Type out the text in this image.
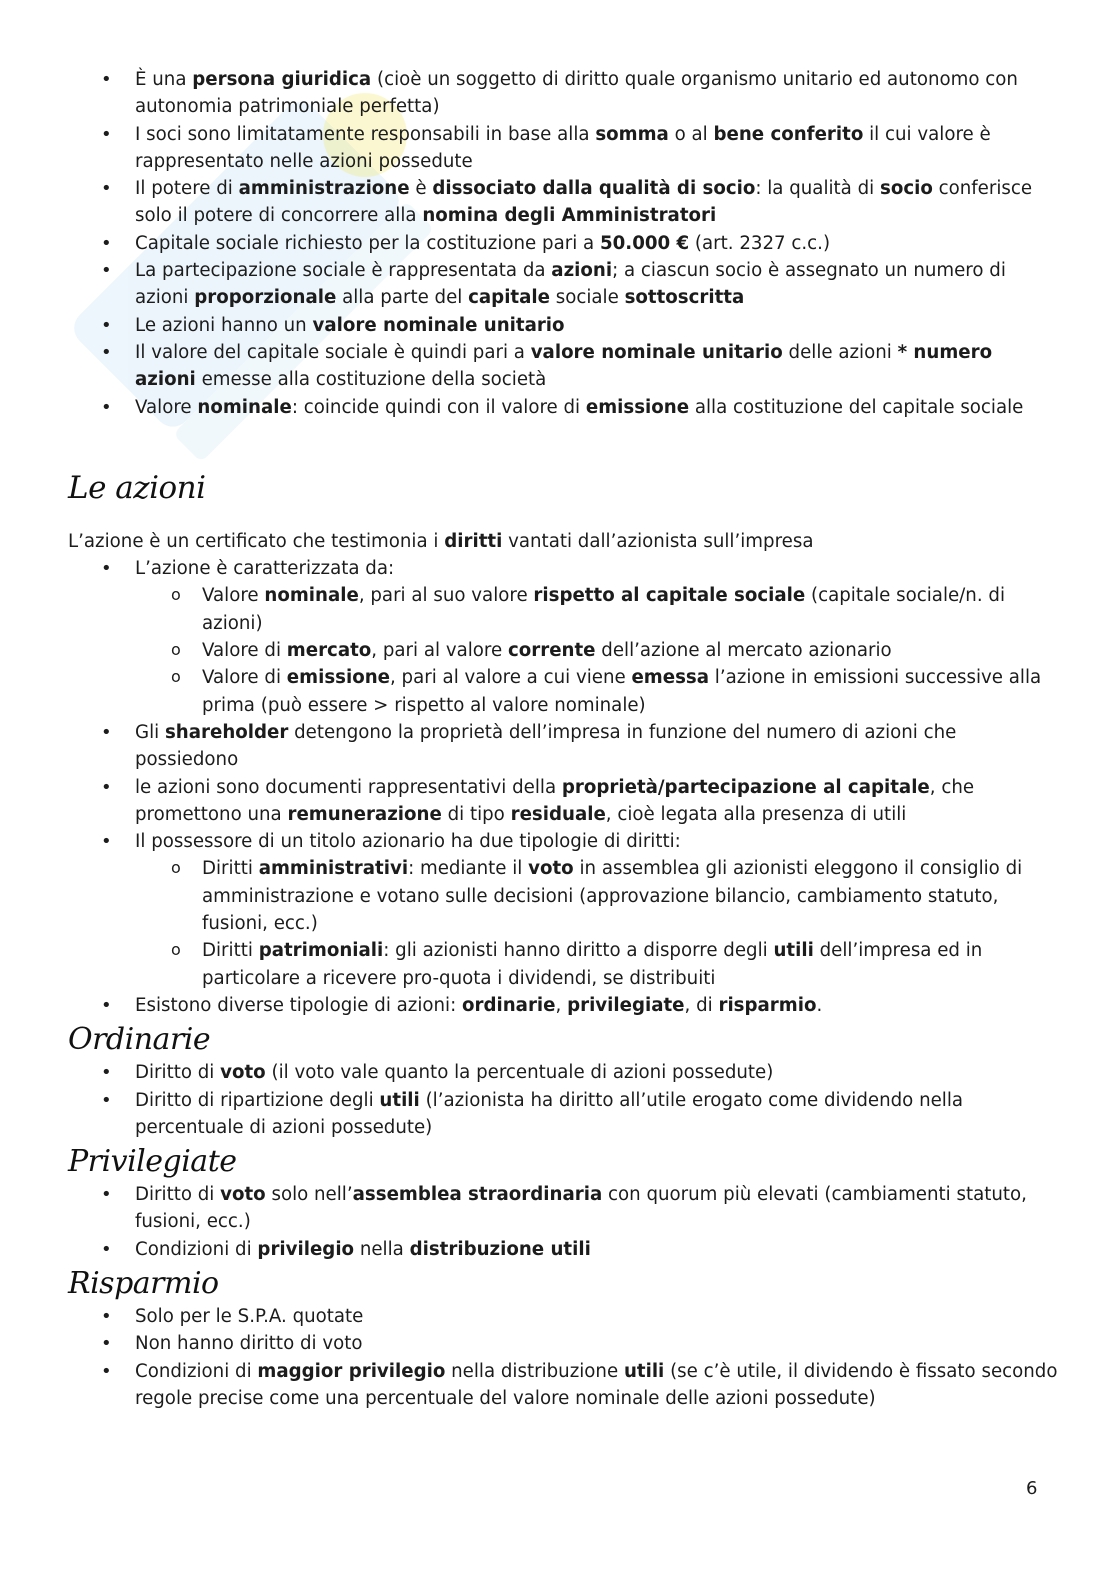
• È una persona giuridica (cioè un soggetto di diritto quale organismo unitario ed autonomo con autonomia patrimoniale perfetta)
• I soci sono limitatamente responsabili in base alla somma o al bene conferito il cui valore è rappresentato nelle azioni possedute
• Il potere di amministrazione è dissociato dalla qualità di socio: la qualità di socio conferisce solo il potere di concorrere alla nomina degli Amministratori
• Capitale sociale richiesto per la costituzione pari a 50.000 € (art. 2327 c.c.)
• La partecipazione sociale è rappresentata da azioni; a ciascun socio è assegnato un numero di azioni proporzionale alla parte del capitale sociale sottoscritta
• Le azioni hanno un valore nominale unitario
• Il valore del capitale sociale è quindi pari a valore nominale unitario delle azioni * numero azioni emesse alla costituzione della società
• Valore nominale: coincide quindi con il valore di emissione alla costituzione del capitale sociale
Le azioni
L’azione è un certificato che testimonia i diritti vantati dall’azionista sull’impresa
• L’azione è caratterizzata da:
o Valore nominale, pari al suo valore rispetto al capitale sociale (capitale sociale/n. di azioni)
o Valore di mercato, pari al valore corrente dell’azione al mercato azionario
o Valore di emissione, pari al valore a cui viene emessa l’azione in emissioni successive alla prima (può essere > rispetto al valore nominale)
• Gli shareholder detengono la proprietà dell’impresa in funzione del numero di azioni che possiedono
• le azioni sono documenti rappresentativi della proprietà/partecipazione al capitale, che promettono una remunerazione di tipo residuale, cioè legata alla presenza di utili
• Il possessore di un titolo azionario ha due tipologie di diritti:
o Diritti amministrativi: mediante il voto in assemblea gli azionisti eleggono il consiglio di amministrazione e votano sulle decisioni (approvazione bilancio, cambiamento statuto, fusioni, ecc.)
o Diritti patrimoniali: gli azionisti hanno diritto a disporre degli utili dell’impresa ed in particolare a ricevere pro-quota i dividendi, se distribuiti
• Esistono diverse tipologie di azioni: ordinarie, privilegiate, di risparmio.
Ordinarie
• Diritto di voto (il voto vale quanto la percentuale di azioni possedute)
• Diritto di ripartizione degli utili (l’azionista ha diritto all’utile erogato come dividendo nella percentuale di azioni possedute)
Privilegiate
• Diritto di voto solo nell’assemblea straordinaria con quorum più elevati (cambiamenti statuto, fusioni, ecc.)
• Condizioni di privilegio nella distribuzione utili
Risparmio
• Solo per le S.P.A. quotate
• Non hanno diritto di voto
• Condizioni di maggior privilegio nella distribuzione utili (se c’è utile, il dividendo è fissato secondo regole precise come una percentuale del valore nominale delle azioni possedute)
6
